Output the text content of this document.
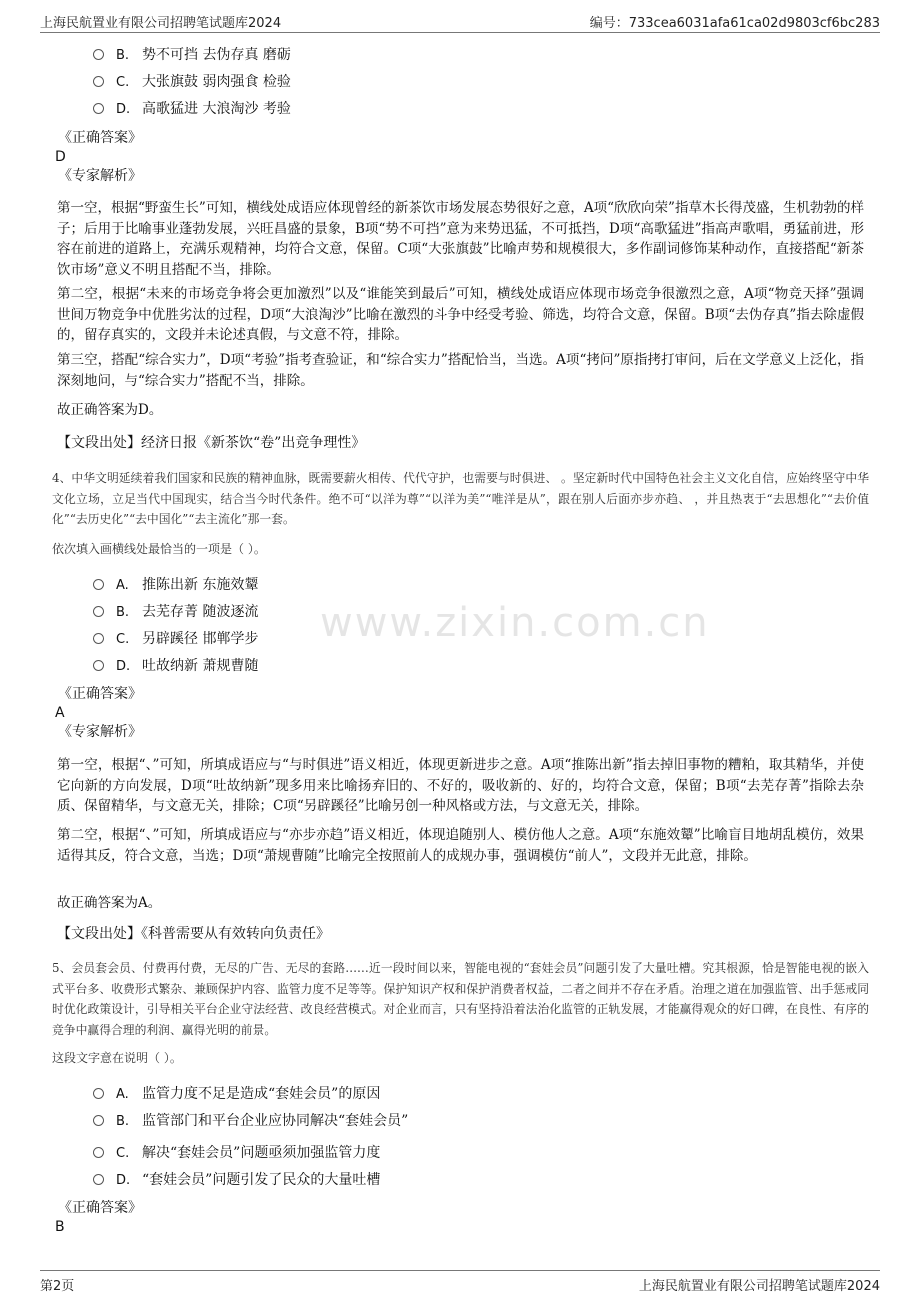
上海民航置业有限公司招聘笔试题库2024	编号：733cea6031afa61ca02d9803cf6bc283
www.zixin.com.cn
B. 势不可挡 去伪存真 磨砺
C. 大张旗鼓 弱肉强食 检验
D. 高歌猛进 大浪淘沙 考验
《正确答案》
D
《专家解析》

第一空，根据“野蛮生长”可知，横线处成语应体现曾经的新茶饮市场发展态势很好之意，A项“欣欣向荣”指草木长得茂盛，生机勃勃的样子；后用于比喻事业蓬勃发展，兴旺昌盛的景象，B项“势不可挡”意为来势迅猛，不可抵挡，D项“高歌猛进”指高声歌唱，勇猛前进，形容在前进的道路上，充满乐观精神，均符合文意，保留。C项“大张旗鼓”比喻声势和规模很大，多作副词修饰某种动作，直接搭配“新茶饮市场”意义不明且搭配不当，排除。

第二空，根据“未来的市场竞争将会更加激烈”以及“谁能笑到最后”可知，横线处成语应体现市场竞争很激烈之意，A项“物竞天择”强调世间万物竞争中优胜劣汰的过程，D项“大浪淘沙”比喻在激烈的斗争中经受考验、筛选，均符合文意，保留。B项“去伪存真”指去除虚假的，留存真实的，文段并未论述真假，与文意不符，排除。

第三空，搭配“综合实力”，D项“考验”指考查验证，和“综合实力”搭配恰当，当选。A项“拷问”原指拷打审问，后在文学意义上泛化，指深刻地问，与“综合实力”搭配不当，排除。

故正确答案为D。

【文段出处】经济日报《新茶饮“卷”出竞争理性》

4、中华文明延续着我们国家和民族的精神血脉，既需要薪火相传、代代守护，也需要与时俱进、 。坚定新时代中国特色社会主义文化自信，应始终坚守中华文化立场，立足当代中国现实，结合当今时代条件。绝不可“以洋为尊”“以洋为美”“唯洋是从”，跟在别人后面亦步亦趋、 ，并且热衷于“去思想化”“去价值化”“去历史化”“去中国化”“去主流化”那一套。

依次填入画横线处最恰当的一项是（ ）。
A. 推陈出新 东施效颦
B. 去芜存菁 随波逐流
C. 另辟蹊径 邯郸学步
D. 吐故纳新 萧规曹随
《正确答案》
A
《专家解析》

第一空，根据“、”可知，所填成语应与“与时俱进”语义相近，体现更新进步之意。A项“推陈出新”指去掉旧事物的糟粕，取其精华，并使它向新的方向发展，D项“吐故纳新”现多用来比喻扬弃旧的、不好的，吸收新的、好的，均符合文意，保留；B项“去芜存菁”指除去杂质、保留精华，与文意无关，排除；C项“另辟蹊径”比喻另创一种风格或方法，与文意无关，排除。

第二空，根据“、”可知，所填成语应与“亦步亦趋”语义相近，体现追随别人、模仿他人之意。A项“东施效颦”比喻盲目地胡乱模仿，效果适得其反，符合文意，当选；D项“萧规曹随”比喻完全按照前人的成规办事，强调模仿“前人”，文段并无此意，排除。

故正确答案为A。

【文段出处】《科普需要从有效转向负责任》

5、会员套会员、付费再付费，无尽的广告、无尽的套路……近一段时间以来，智能电视的“套娃会员”问题引发了大量吐槽。究其根源，恰是智能电视的嵌入式平台多、收费形式繁杂、兼顾保护内容、监管力度不足等等。保护知识产权和保护消费者权益，二者之间并不存在矛盾。治理之道在加强监管、出手惩戒同时优化政策设计，引导相关平台企业守法经营、改良经营模式。对企业而言，只有坚持沿着法治化监管的正轨发展，才能赢得观众的好口碑，在良性、有序的竞争中赢得合理的利润、赢得光明的前景。

这段文字意在说明（ ）。
A. 监管力度不足是造成“套娃会员”的原因
B. 监管部门和平台企业应协同解决“套娃会员”
C. 解决“套娃会员”问题亟须加强监管力度
D. “套娃会员”问题引发了民众的大量吐槽
《正确答案》
B
第2页	上海民航置业有限公司招聘笔试题库2024
